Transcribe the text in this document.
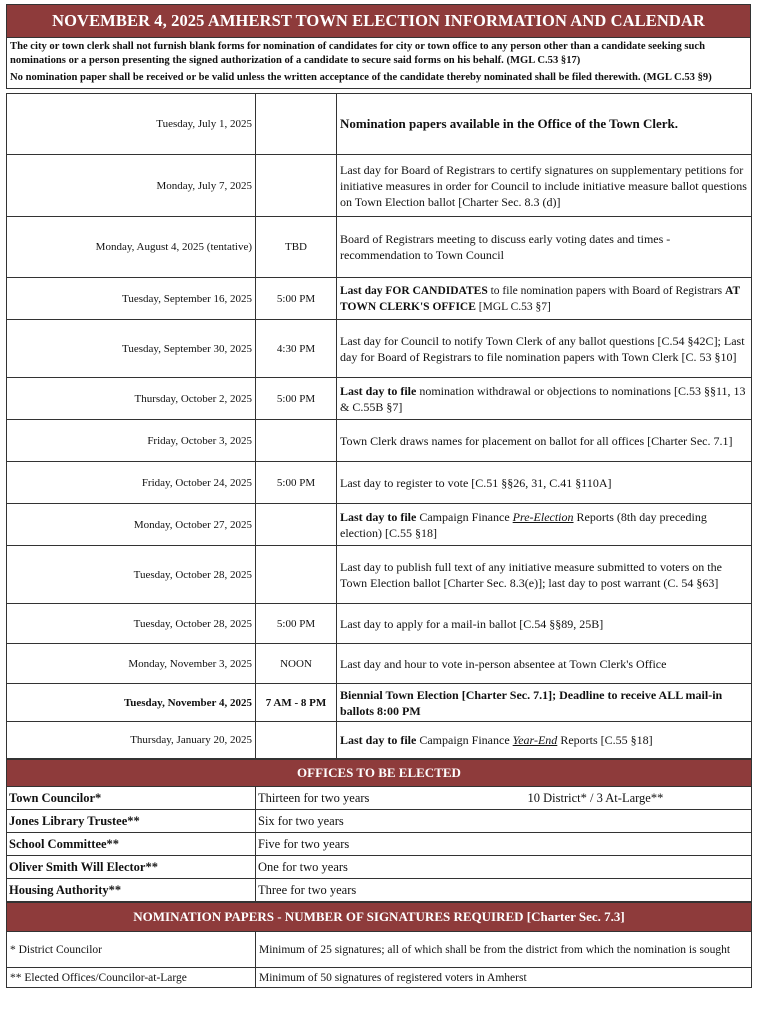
NOVEMBER 4, 2025 AMHERST TOWN ELECTION INFORMATION AND CALENDAR

The city or town clerk shall not furnish blank forms for nomination of candidates for city or town office to any person other than a candidate seeking such nominations or a person presenting the signed authorization of a candidate to secure said forms on his behalf. (MGL C.53 §17)

No nomination paper shall be received or be valid unless the written acceptance of the candidate thereby nominated shall be filed therewith. (MGL C.53 §9)

Tuesday, July 1, 2025		Nomination papers available in the Office of the Town Clerk.
Monday, July 7, 2025		Last day for Board of Registrars to certify signatures on supplementary petitions for initiative measures in order for Council to include initiative measure ballot questions on Town Election ballot [Charter Sec. 8.3 (d)]
Monday, August 4, 2025 (tentative)	TBD	Board of Registrars meeting to discuss early voting dates and times - recommendation to Town Council
Tuesday, September 16, 2025	5:00 PM	Last day FOR CANDIDATES to file nomination papers with Board of Registrars AT TOWN CLERK'S OFFICE [MGL C.53 §7]
Tuesday, September 30, 2025	4:30 PM	Last day for Council to notify Town Clerk of any ballot questions [C.54 §42C]; Last day for Board of Registrars to file nomination papers with Town Clerk [C. 53 §10]
Thursday, October 2, 2025	5:00 PM	Last day to file nomination withdrawal or objections to nominations [C.53 §§11, 13 & C.55B §7]
Friday, October 3, 2025		Town Clerk draws names for placement on ballot for all offices [Charter Sec. 7.1]
Friday, October 24, 2025	5:00 PM	Last day to register to vote [C.51 §§26, 31, C.41 §110A]
Monday, October 27, 2025		Last day to file Campaign Finance Pre-Election Reports (8th day preceding election) [C.55 §18]
Tuesday, October 28, 2025		Last day to publish full text of any initiative measure submitted to voters on the Town Election ballot [Charter Sec. 8.3(e)]; last day to post warrant (C. 54 §63]
Tuesday, October 28, 2025	5:00 PM	Last day to apply for a mail-in ballot [C.54 §§89, 25B]
Monday, November 3, 2025	NOON	Last day and hour to vote in-person absentee at Town Clerk's Office
Tuesday, November 4, 2025	7 AM - 8 PM	Biennial Town Election [Charter Sec. 7.1]; Deadline to receive ALL mail-in ballots 8:00 PM
Thursday, January 20, 2025		Last day to file Campaign Finance Year-End Reports [C.55 §18]
OFFICES TO BE ELECTED		
Town Councilor*	Thirteen for two years	10 District* / 3 At-Large**
Jones Library Trustee**	Six for two years	
School Committee**	Five for two years	
Oliver Smith Will Elector**	One for two years	
Housing Authority**	Three for two years	
NOMINATION PAPERS - NUMBER OF SIGNATURES REQUIRED [Charter Sec. 7.3]	
* District Councilor	Minimum of 25 signatures; all of which shall be from the district from which the nomination is sought
** Elected Offices/Councilor-at-Large	Minimum of 50 signatures of registered voters in Amherst
